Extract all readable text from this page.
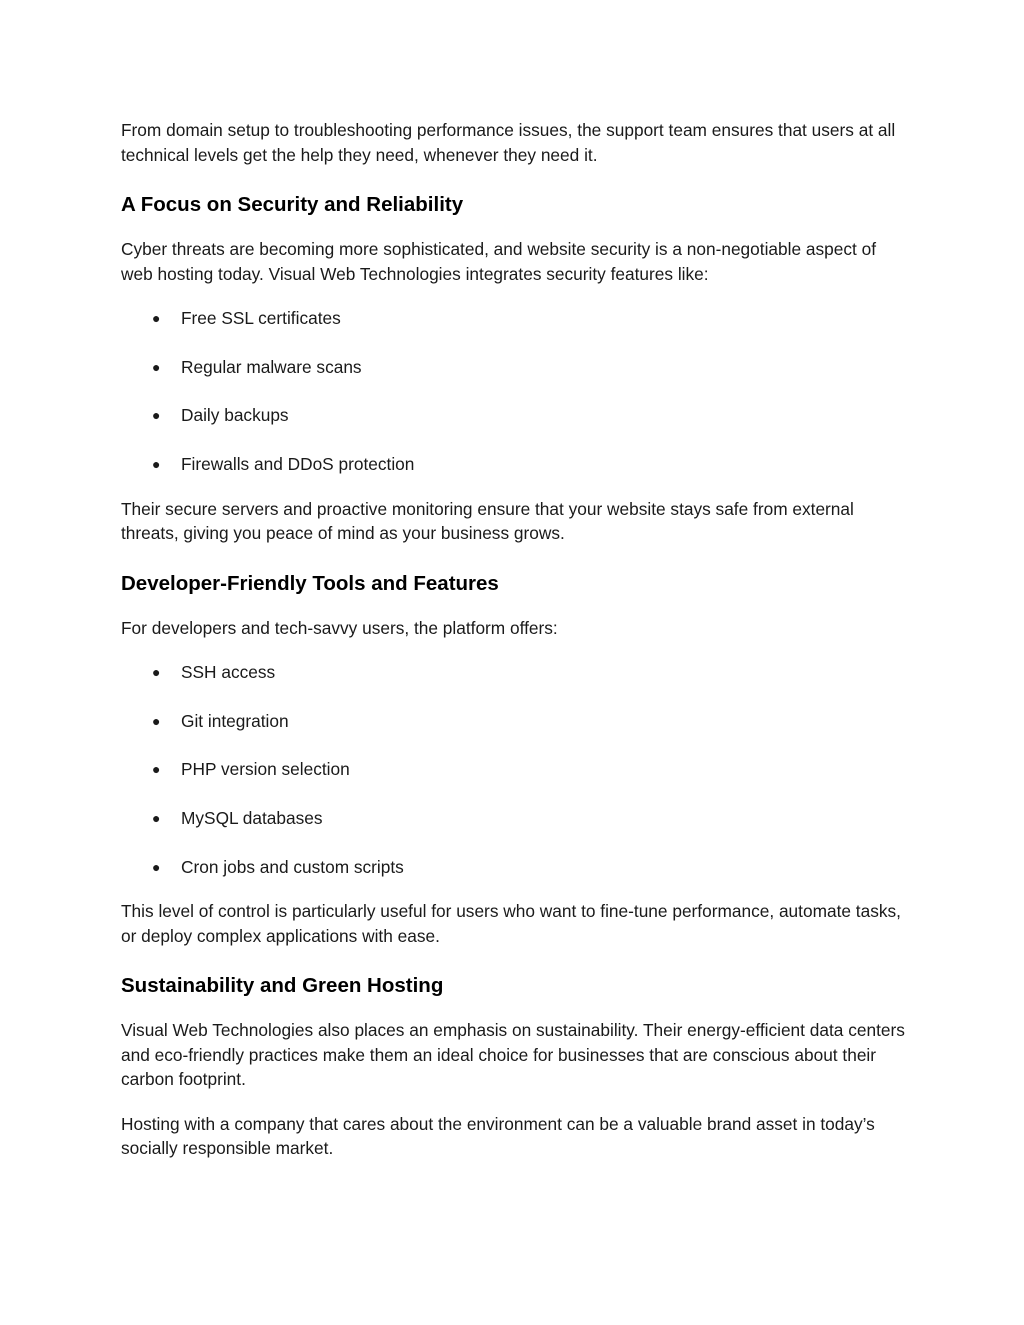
From domain setup to troubleshooting performance issues, the support team ensures that users at all technical levels get the help they need, whenever they need it.

A Focus on Security and Reliability

Cyber threats are becoming more sophisticated, and website security is a non-negotiable aspect of web hosting today. Visual Web Technologies integrates security features like:

● Free SSL certificates
● Regular malware scans
● Daily backups
● Firewalls and DDoS protection

Their secure servers and proactive monitoring ensure that your website stays safe from external threats, giving you peace of mind as your business grows.

Developer-Friendly Tools and Features

For developers and tech-savvy users, the platform offers:

● SSH access
● Git integration
● PHP version selection
● MySQL databases
● Cron jobs and custom scripts

This level of control is particularly useful for users who want to fine-tune performance, automate tasks, or deploy complex applications with ease.

Sustainability and Green Hosting

Visual Web Technologies also places an emphasis on sustainability. Their energy-efficient data centers and eco-friendly practices make them an ideal choice for businesses that are conscious about their carbon footprint.

Hosting with a company that cares about the environment can be a valuable brand asset in today’s socially responsible market.
